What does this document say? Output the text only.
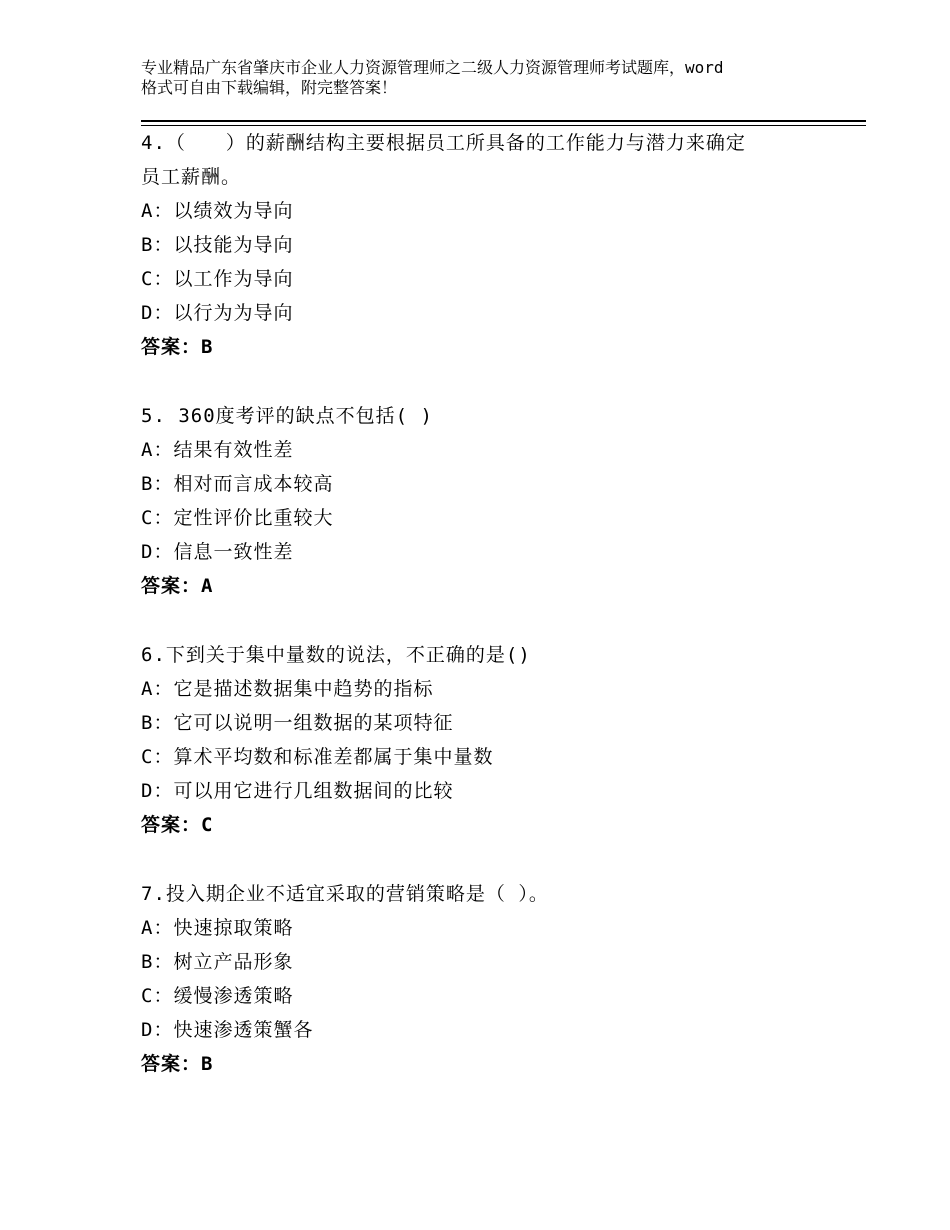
专业精品广东省肇庆市企业人力资源管理师之二级人力资源管理师考试题库，word
格式可自由下载编辑，附完整答案！
4.（　　）的薪酬结构主要根据员工所具备的工作能力与潜力来确定
员工薪酬。
A：以绩效为导向
B：以技能为导向
C：以工作为导向
D：以行为为导向
答案：B
5. 360度考评的缺点不包括( )
A：结果有效性差
B：相对而言成本较高
C：定性评价比重较大
D：信息一致性差
答案：A
6.下到关于集中量数的说法，不正确的是()
A：它是描述数据集中趋势的指标
B：它可以说明一组数据的某项特征
C：算术平均数和标准差都属于集中量数
D：可以用它进行几组数据间的比较
答案：C
7.投入期企业不适宜采取的营销策略是（ ）。
A：快速掠取策略
B：树立产品形象
C：缓慢渗透策略
D：快速渗透策蟹各
答案：B
